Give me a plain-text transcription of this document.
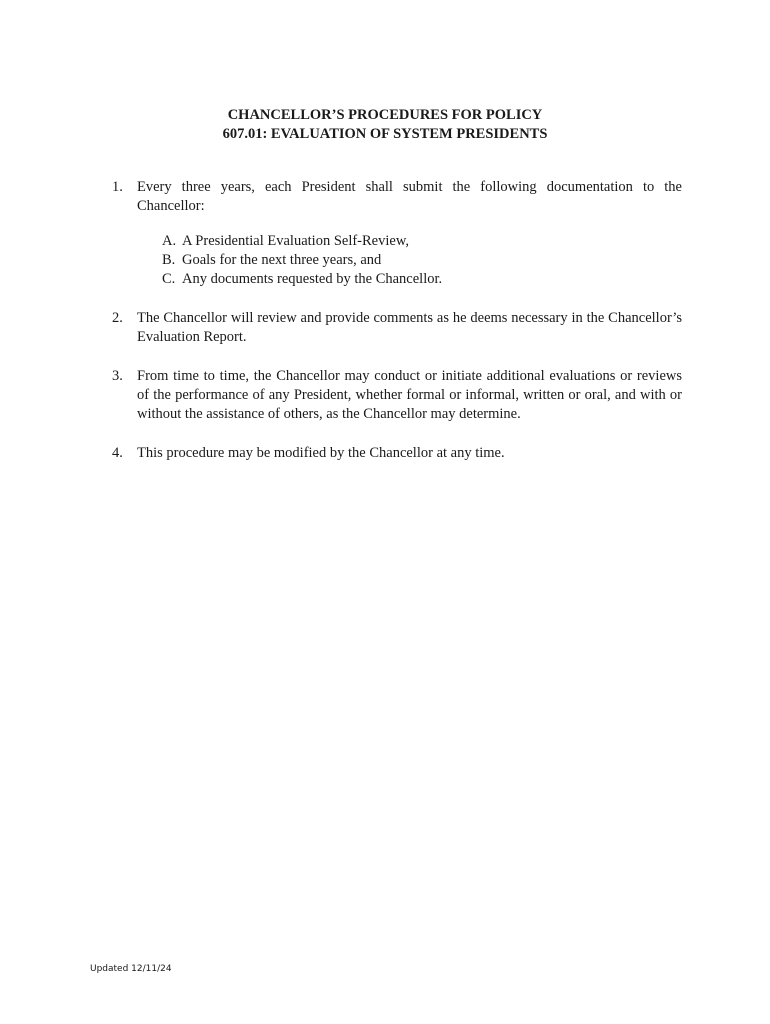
CHANCELLOR’S PROCEDURES FOR POLICY
607.01: EVALUATION OF SYSTEM PRESIDENTS
1. Every three years, each President shall submit the following documentation to the Chancellor:
A. A Presidential Evaluation Self-Review,
B. Goals for the next three years, and
C. Any documents requested by the Chancellor.
2. The Chancellor will review and provide comments as he deems necessary in the Chancellor’s Evaluation Report.
3. From time to time, the Chancellor may conduct or initiate additional evaluations or reviews of the performance of any President, whether formal or informal, written or oral, and with or without the assistance of others, as the Chancellor may determine.
4. This procedure may be modified by the Chancellor at any time.
Updated 12/11/24
